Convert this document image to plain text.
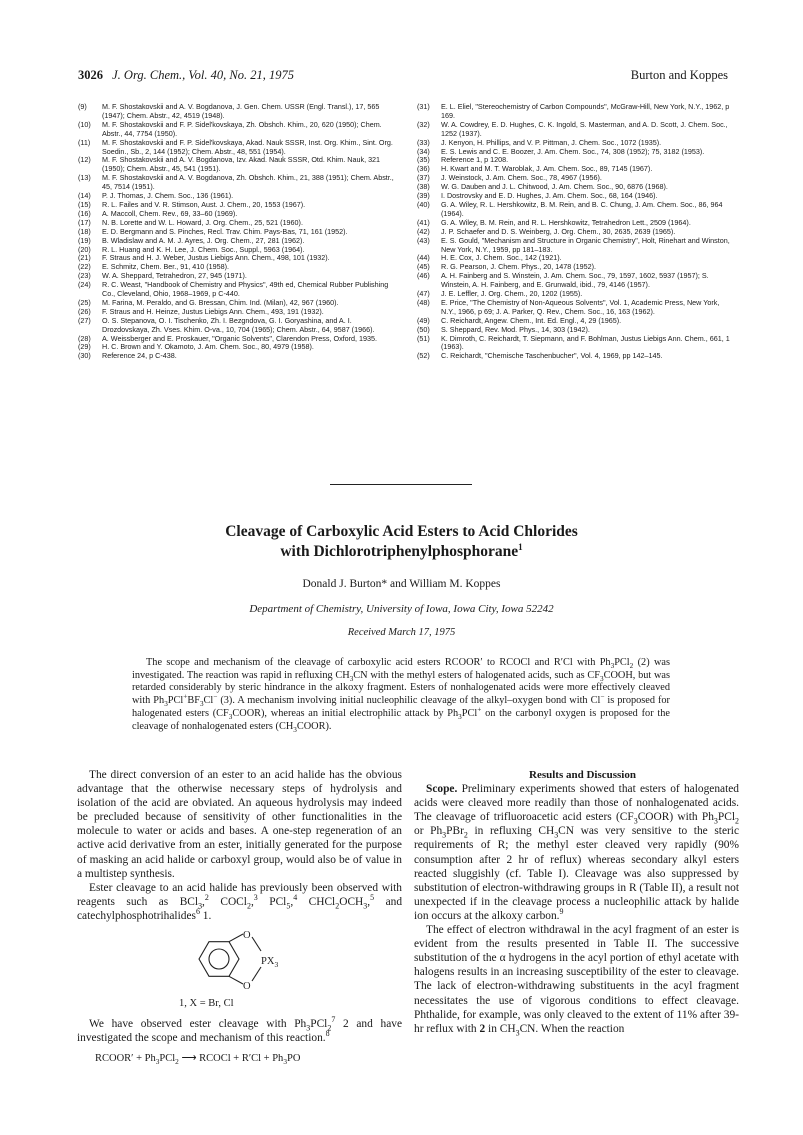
3026 J. Org. Chem., Vol. 40, No. 21, 1975	Burton and Koppes
(9) M. F. Shostakovskii and A. V. Bogdanova, J. Gen. Chem. USSR (Engl. Transl.), 17, 565 (1947); Chem. Abstr., 42, 4519 (1948).
(10) M. F. Shostakovskii and F. P. Sidel'kovskaya, Zh. Obshch. Khim., 20, 620 (1950); Chem. Abstr., 44, 7754 (1950).
(11) M. F. Shostakovskii and F. P. Sidel'kovskaya, Akad. Nauk SSSR, Inst. Org. Khim., Sint. Org. Soedin., Sb., 2, 144 (1952); Chem. Abstr., 48, 551 (1954).
(12) M. F. Shostakovskii and A. V. Bogdanova, Izv. Akad. Nauk SSSR, Otd. Khim. Nauk, 321 (1950); Chem. Abstr., 45, 541 (1951).
(13) M. F. Shostakovskii and A. V. Bogdanova, Zh. Obshch. Khim., 21, 388 (1951); Chem. Abstr., 45, 7514 (1951).
(14) P. J. Thomas, J. Chem. Soc., 136 (1961).
(15) R. L. Failes and V. R. Stimson, Aust. J. Chem., 20, 1553 (1967).
(16) A. Maccoll, Chem. Rev., 69, 33–60 (1969).
(17) N. B. Lorette and W. L. Howard, J. Org. Chem., 25, 521 (1960).
(18) E. D. Bergmann and S. Pinches, Recl. Trav. Chim. Pays-Bas, 71, 161 (1952).
(19) B. Wladislaw and A. M. J. Ayres, J. Org. Chem., 27, 281 (1962).
(20) R. L. Huang and K. H. Lee, J. Chem. Soc., Suppl., 5963 (1964).
(21) F. Straus and H. J. Weber, Justus Liebigs Ann. Chem., 498, 101 (1932).
(22) E. Schmitz, Chem. Ber., 91, 410 (1958).
(23) W. A. Sheppard, Tetrahedron, 27, 945 (1971).
(24) R. C. Weast, "Handbook of Chemistry and Physics", 49th ed, Chemical Rubber Publishing Co., Cleveland, Ohio, 1968–1969, p C-440.
(25) M. Farina, M. Peraldo, and G. Bressan, Chim. Ind. (Milan), 42, 967 (1960).
(26) F. Straus and H. Heinze, Justus Liebigs Ann. Chem., 493, 191 (1932).
(27) O. S. Stepanova, O. I. Tischenko, Zh. I. Bezgndova, G. I. Goryashina, and A. I. Drozdovskaya, Zh. Vses. Khim. O-va., 10, 704 (1965); Chem. Abstr., 64, 9587 (1966).
(28) A. Weissberger and E. Proskauer, "Organic Solvents", Clarendon Press, Oxford, 1935.
(29) H. C. Brown and Y. Okamoto, J. Am. Chem. Soc., 80, 4979 (1958).
(30) Reference 24, p C-438.
(31) E. L. Eliel, "Stereochemistry of Carbon Compounds", McGraw-Hill, New York, N.Y., 1962, p 169.
(32) W. A. Cowdrey, E. D. Hughes, C. K. Ingold, S. Masterman, and A. D. Scott, J. Chem. Soc., 1252 (1937).
(33) J. Kenyon, H. Phillips, and V. P. Pittman, J. Chem. Soc., 1072 (1935).
(34) E. S. Lewis and C. E. Boozer, J. Am. Chem. Soc., 74, 308 (1952); 75, 3182 (1953).
(35) Reference 1, p 1208.
(36) H. Kwart and M. T. Waroblak, J. Am. Chem. Soc., 89, 7145 (1967).
(37) J. Weinstock, J. Am. Chem. Soc., 78, 4967 (1956).
(38) W. G. Dauben and J. L. Chitwood, J. Am. Chem. Soc., 90, 6876 (1968).
(39) I. Dostrovsky and E. D. Hughes, J. Am. Chem. Soc., 68, 164 (1946).
(40) G. A. Wiley, R. L. Hershkowitz, B. M. Rein, and B. C. Chung, J. Am. Chem. Soc., 86, 964 (1964).
(41) G. A. Wiley, B. M. Rein, and R. L. Hershkowitz, Tetrahedron Lett., 2509 (1964).
(42) J. P. Schaefer and D. S. Weinberg, J. Org. Chem., 30, 2635, 2639 (1965).
(43) E. S. Gould, "Mechanism and Structure in Organic Chemistry", Holt, Rinehart and Winston, New York, N.Y., 1959, pp 181–183.
(44) H. E. Cox, J. Chem. Soc., 142 (1921).
(45) R. G. Pearson, J. Chem. Phys., 20, 1478 (1952).
(46) A. H. Fainberg and S. Winstein, J. Am. Chem. Soc., 79, 1597, 1602, 5937 (1957); S. Winstein, A. H. Fainberg, and E. Grunwald, ibid., 79, 4146 (1957).
(47) J. E. Leffler, J. Org. Chem., 20, 1202 (1955).
(48) E. Price, "The Chemistry of Non-Aqueous Solvents", Vol. 1, Academic Press, New York, N.Y., 1966, p 69; J. A. Parker, Q. Rev., Chem. Soc., 16, 163 (1962).
(49) C. Reichardt, Angew. Chem., Int. Ed. Engl., 4, 29 (1965).
(50) S. Sheppard, Rev. Mod. Phys., 14, 303 (1942).
(51) K. Dimroth, C. Reichardt, T. Siepmann, and F. Bohlman, Justus Liebigs Ann. Chem., 661, 1 (1963).
(52) C. Reichardt, "Chemische Taschenbucher", Vol. 4, 1969, pp 142–145.
Cleavage of Carboxylic Acid Esters to Acid Chlorides
with Dichlorotriphenylphosphorane$^1$
Donald J. Burton* and William M. Koppes
Department of Chemistry, University of Iowa, Iowa City, Iowa 52242
Received March 17, 1975

The scope and mechanism of the cleavage of carboxylic acid esters RCOOR′ to RCOCl and R′Cl with $Ph_3PCl_2$ (2) was investigated. The reaction was rapid in refluxing $CH_3CN$ with the methyl esters of halogenated acids, such as $CF_3COOH$, but was retarded considerably by steric hindrance in the alkoxy fragment. Esters of nonhalogenated acids were more effectively cleaved with $Ph_3PCl^+BF_3Cl^-$ (3). A mechanism involving initial nucleophilic cleavage of the alkyl–oxygen bond with Cl− is proposed for halogenated esters $(CF_3COOR)$, whereas an initial electrophilic attack by $Ph_3PCl^+$ on the carbonyl oxygen is proposed for the cleavage of nonhalogenated esters $(CH_3COOR)$.

The direct conversion of an ester to an acid halide has the obvious advantage that the otherwise necessary steps of hydrolysis and isolation of the acid are obviated. An aqueous hydrolysis may indeed be precluded because of sensitivity of other functionalities in the molecule to water or acids and bases. A one-step regeneration of an active acid derivative from an ester, initially generated for the purpose of masking an acid halide or carboxyl group, would also be of value in a multistep synthesis.

Ester cleavage to an acid halide has previously been observed with reagents such as BCl$_3$,$^2$ COCl$_2$,$^3$ PCl$_5$,$^4$ $CHCl_2OCH_3,^5$ and catechylphosphotrihalides$^6$ 1.

O
O
$PX_3$
1, X = Br, Cl

We have observed ester cleavage with $Ph_3PCl_2^7$ 2 and have investigated the scope and mechanism of this reaction.$^8$

RCOOR′ + $Ph_3PCl_2$ ⟶ RCOCl + $R'Cl + Ph_3PO$

Results and Discussion

Scope. Preliminary experiments showed that esters of halogenated acids were cleaved more readily than those of nonhalogenated acids. The cleavage of trifluoroacetic acid esters $(CF_3COOR)$ with $Ph_3PCl_2$ or $Ph_3PBr_2$ in refluxing $CH_3CN$ was very sensitive to the steric requirements of R; the methyl ester cleaved very rapidly (90% consumption after 2 hr of reflux) whereas secondary alkyl esters reacted sluggishly (cf. Table I). Cleavage was also suppressed by substitution of electron-withdrawing groups in R (Table II), a result not unexpected if in the cleavage process a nucleophilic attack by halide ion occurs at the alkoxy carbon.$^9$

The effect of electron withdrawal in the acyl fragment of an ester is evident from the results presented in Table II. The successive substitution of the α hydrogens in the acyl portion of ethyl acetate with halogens results in an increasing susceptibility of the ester to cleavage. The lack of electron-withdrawing substituents in the acyl fragment necessitates the use of vigorous conditions to effect cleavage. Phthalide, for example, was only cleaved to the extent of 11% after 39-hr reflux with 2 in $CH_3CN$. When the reaction
